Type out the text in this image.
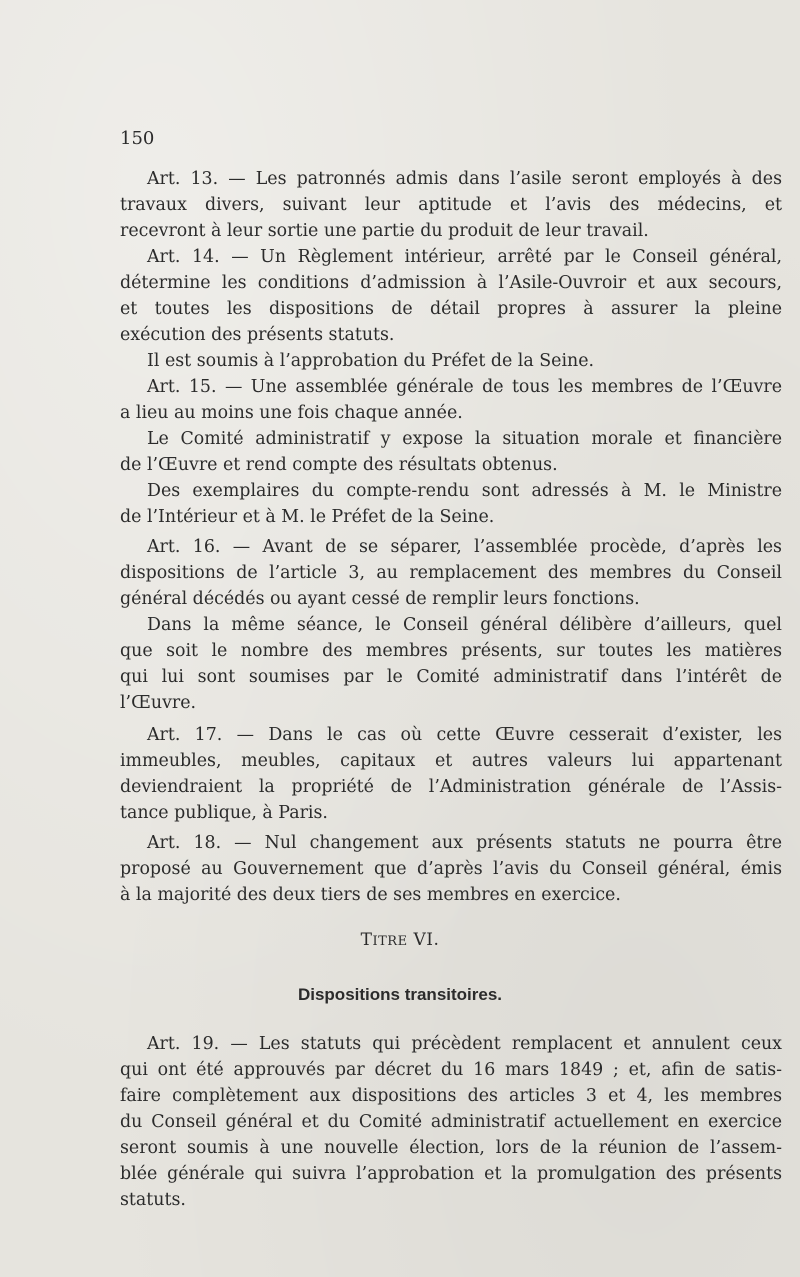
150
Art. 13. — Les patronnés admis dans l’asile seront employés à des
travaux divers, suivant leur aptitude et l’avis des médecins, et
recevront à leur sortie une partie du produit de leur travail.
Art. 14. — Un Règlement intérieur, arrêté par le Conseil général,
détermine les conditions d’admission à l’Asile-Ouvroir et aux secours,
et toutes les dispositions de détail propres à assurer la pleine
exécution des présents statuts.
Il est soumis à l’approbation du Préfet de la Seine.
Art. 15. — Une assemblée générale de tous les membres de l’Œuvre
a lieu au moins une fois chaque année.
Le Comité administratif y expose la situation morale et financière
de l’Œuvre et rend compte des résultats obtenus.
Des exemplaires du compte-rendu sont adressés à M. le Ministre
de l’Intérieur et à M. le Préfet de la Seine.
Art. 16. — Avant de se séparer, l’assemblée procède, d’après les
dispositions de l’article 3, au remplacement des membres du Conseil
général décédés ou ayant cessé de remplir leurs fonctions.
Dans la même séance, le Conseil général délibère d’ailleurs, quel
que soit le nombre des membres présents, sur toutes les matières
qui lui sont soumises par le Comité administratif dans l’intérêt de
l’Œuvre.
Art. 17. — Dans le cas où cette Œuvre cesserait d’exister, les
immeubles, meubles, capitaux et autres valeurs lui appartenant
deviendraient la propriété de l’Administration générale de l’Assis-
tance publique, à Paris.
Art. 18. — Nul changement aux présents statuts ne pourra être
proposé au Gouvernement que d’après l’avis du Conseil général, émis
à la majorité des deux tiers de ses membres en exercice.
TITRE VI.
Dispositions transitoires.
Art. 19. — Les statuts qui précèdent remplacent et annulent ceux
qui ont été approuvés par décret du 16 mars 1849 ; et, afin de satis-
faire complètement aux dispositions des articles 3 et 4, les membres
du Conseil général et du Comité administratif actuellement en exercice
seront soumis à une nouvelle élection, lors de la réunion de l’assem-
blée générale qui suivra l’approbation et la promulgation des présents
statuts.
